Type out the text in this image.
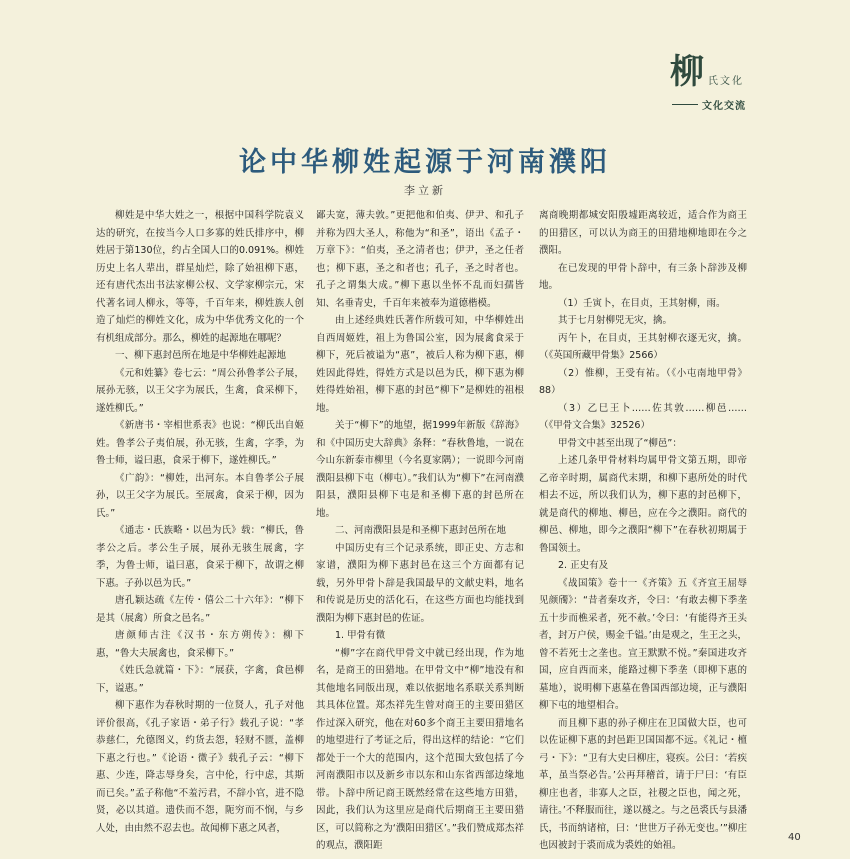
柳 氏文化
文化交流
论中华柳姓起源于河南濮阳
李立新

柳姓是中华大姓之一，根据中国科学院袁义达的研究，在按当今人口多寡的姓氏排序中，柳姓居于第130位，约占全国人口的0.091%。柳姓历史上名人辈出，群星灿烂，除了始祖柳下惠，还有唐代杰出书法家柳公权、文学家柳宗元，宋代著名词人柳永，等等，千百年来，柳姓族人创造了灿烂的柳姓文化，成为中华优秀文化的一个有机组成部分。那么，柳姓的起源地在哪呢？

一、柳下惠封邑所在地是中华柳姓起源地

《元和姓纂》卷七云：“周公孙鲁孝公子展，展孙无骇，以王父字为展氏，生禽，食采柳下，遂姓柳氏。”

《新唐书・宰相世系表》也说：“柳氏出自姬姓。鲁孝公子夷伯展，孙无骇，生禽，字季，为鲁士师，谥曰惠，食采于柳下，遂姓柳氏。”

《广韵》：“柳姓，出河东。本自鲁孝公子展孙，以王父字为展氏。至展禽，食采于柳，因为氏。”

《通志・氏族略・以邑为氏》载：“柳氏，鲁孝公之后。孝公生子展，展孙无骇生展禽，字季，为鲁士师，谥曰惠，食采于柳下，故谓之柳下惠。子孙以邑为氏。”

唐孔颖达疏《左传・僖公二十六年》：“柳下是其（展禽）所食之邑名。”

唐颜师古注《汉书・东方朔传》：柳下惠，“鲁大夫展禽也，食采柳下。”

《姓氏急就篇・下》：“展获，字禽，食邑柳下，谥惠。”

柳下惠作为春秋时期的一位贤人，孔子对他评价很高，《孔子家语・弟子行》载孔子说：“孝恭慈仁，允德图义，约货去怨，轻财不匮，盖柳下惠之行也。”《论语・微子》载孔子云：“柳下惠、少连，降志辱身矣，言中伦，行中虑，其斯而已矣。”孟子称他“不羞污君，不辞小官，进不隐贤，必以其道。遗佚而不怨，阨穷而不悯，与乡人处，由由然不忍去也。故闻柳下惠之风者，

鄙夫宽，薄夫敦。”更把他和伯夷、伊尹、和孔子并称为四大圣人，称他为“和圣”，语出《孟子・万章下》：“伯夷，圣之清者也；伊尹，圣之任者也；柳下惠，圣之和者也；孔子，圣之时者也。孔子之谓集大成。”柳下惠以坐怀不乱而妇孺皆知、名垂青史，千百年来被奉为道德楷模。

由上述经典姓氏著作所载可知，中华柳姓出自西周姬姓，祖上为鲁国公室，因为展禽食采于柳下，死后被谥为“惠”，被后人称为柳下惠，柳姓因此得姓，得姓方式是以邑为氏，柳下惠为柳姓得姓始祖，柳下惠的封邑“柳下”是柳姓的祖根地。

关于“柳下”的地望，据1999年新版《辞海》和《中国历史大辞典》条释：“春秋鲁地，一说在今山东新泰市柳里（今名夏家隅）；一说即今河南濮阳县柳下屯（柳屯）。”我们认为“柳下”在河南濮阳县，濮阳县柳下屯是和圣柳下惠的封邑所在地。

二、河南濮阳县是和圣柳下惠封邑所在地

中国历史有三个记录系统，即正史、方志和家谱，濮阳为柳下惠封邑在这三个方面都有记载，另外甲骨卜辞是我国最早的文献史料，地名和传说是历史的活化石，在这些方面也均能找到濮阳为柳下惠封邑的佐证。

1. 甲骨有微

“柳”字在商代甲骨文中就已经出现，作为地名，是商王的田猎地。在甲骨文中“柳”地没有和其他地名同版出现，难以依据地名系联关系判断其具体位置。郑杰祥先生曾对商王的主要田猎区作过深入研究，他在对60多个商王主要田猎地名的地望进行了考证之后，得出这样的结论：“它们都处于一个大的范围内，这个范围大致包括了今河南濮阳市以及新乡市以东和山东省西部边缘地带。卜辞中所记商王既然经常在这些地方田猎，因此，我们认为这里应是商代后期商王主要田猎区，可以简称之为‘濮阳田猎区’。”我们赞成郑杰祥的观点，濮阳距

离商晚期都城安阳殷墟距离较近，适合作为商王的田猎区，可以认为商王的田猎地柳地即在今之濮阳。

在已发现的甲骨卜辞中，有三条卜辞涉及柳地。

（1）壬寅卜，在目贞，王其射柳，雨。

其于七月射柳兕无灾，擒。

丙午卜，在目贞，王其射柳衣逐无灾，擒。（《英国所藏甲骨集》2566）

（2）惟柳，王受有祐。（《小屯南地甲骨》88）

（3）乙巳王卜……佐其敦……柳邑……（《甲骨文合集》32526）

甲骨文中甚至出现了“柳邑”：

上述几条甲骨材料均属甲骨文第五期，即帝乙帝辛时期，属商代末期，和柳下惠所处的时代相去不远，所以我们认为，柳下惠的封邑柳下，就是商代的柳地、柳邑，应在今之濮阳。商代的柳邑、柳地，即今之濮阳“柳下”在春秋初期属于鲁国领土。

2. 正史有及

《战国策》卷十一《齐策》五《齐宣王屈辱见颜斶》：“昔者秦攻齐，令曰：‘有敢去柳下季垄五十步而樵采者，死不赦。’令曰：‘有能得齐王头者，封万户侯，赐金千镒。’由是观之，生王之头，曾不若死士之垄也。宣王默默不悦。”秦国进攻齐国，应自西而来，能路过柳下季垄（即柳下惠的墓地），说明柳下惠墓在鲁国西部边境，正与濮阳柳下屯的地望相合。

而且柳下惠的孙子柳庄在卫国做大臣，也可以佐证柳下惠的封邑距卫国国都不远。《礼记・檀弓・下》：“卫有大史曰柳庄，寝疾。公曰：‘若疾革，虽当祭必告。’公再拜稽首，请于尸曰：‘有臣柳庄也者，非寡人之臣，社稷之臣也，闻之死，请往。’不释服而往，遂以襚之。与之邑裘氏与县潘氏，书而纳诸棺，曰：‘世世万子孙无变也。’”柳庄也因被封于裘而成为裘姓的始祖。

40
